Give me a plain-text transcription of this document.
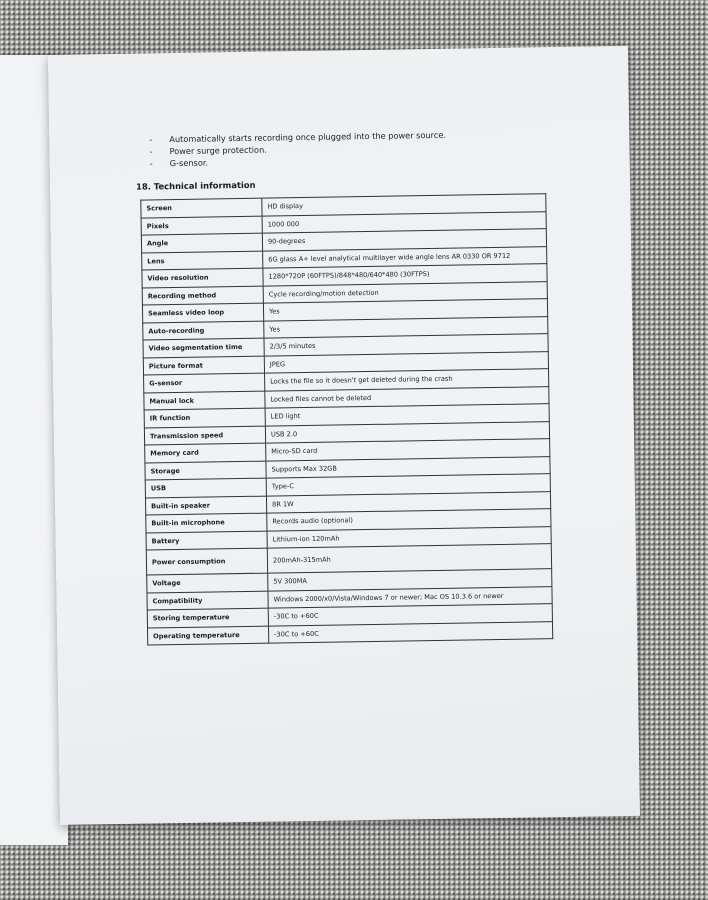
- Automatically starts recording once plugged into the power source.
- Power surge protection.
- G-sensor.
18. Technical information
Screen	HD display
Pixels	1000 000
Angle	90-degrees
Lens	6G glass A+ level analytical multilayer wide angle lens AR 0330 OR 9712
Video resolution	1280*720P (60FTPS)/848*480/640*480 (30FTPS)
Recording method	Cycle recording/motion detection
Seamless video loop	Yes
Auto-recording	Yes
Video segmentation time	2/3/5 minutes
Picture format	JPEG
G-sensor	Locks the file so it doesn't get deleted during the crash
Manual lock	Locked files cannot be deleted
IR function	LED light
Transmission speed	USB 2.0
Memory card	Micro-SD card
Storage	Supports Max 32GB
USB	Type-C
Built-in speaker	8R 1W
Built-in microphone	Records audio (optional)
Battery	Lithium-ion 120mAh
Power consumption	200mAh-315mAh
Voltage	5V 300MA
Compatibility	Windows 2000/x0/Vista/Windows 7 or newer; Mac OS 10.3.6 or newer
Storing temperature	-30C to +60C
Operating temperature	-30C to +60C
